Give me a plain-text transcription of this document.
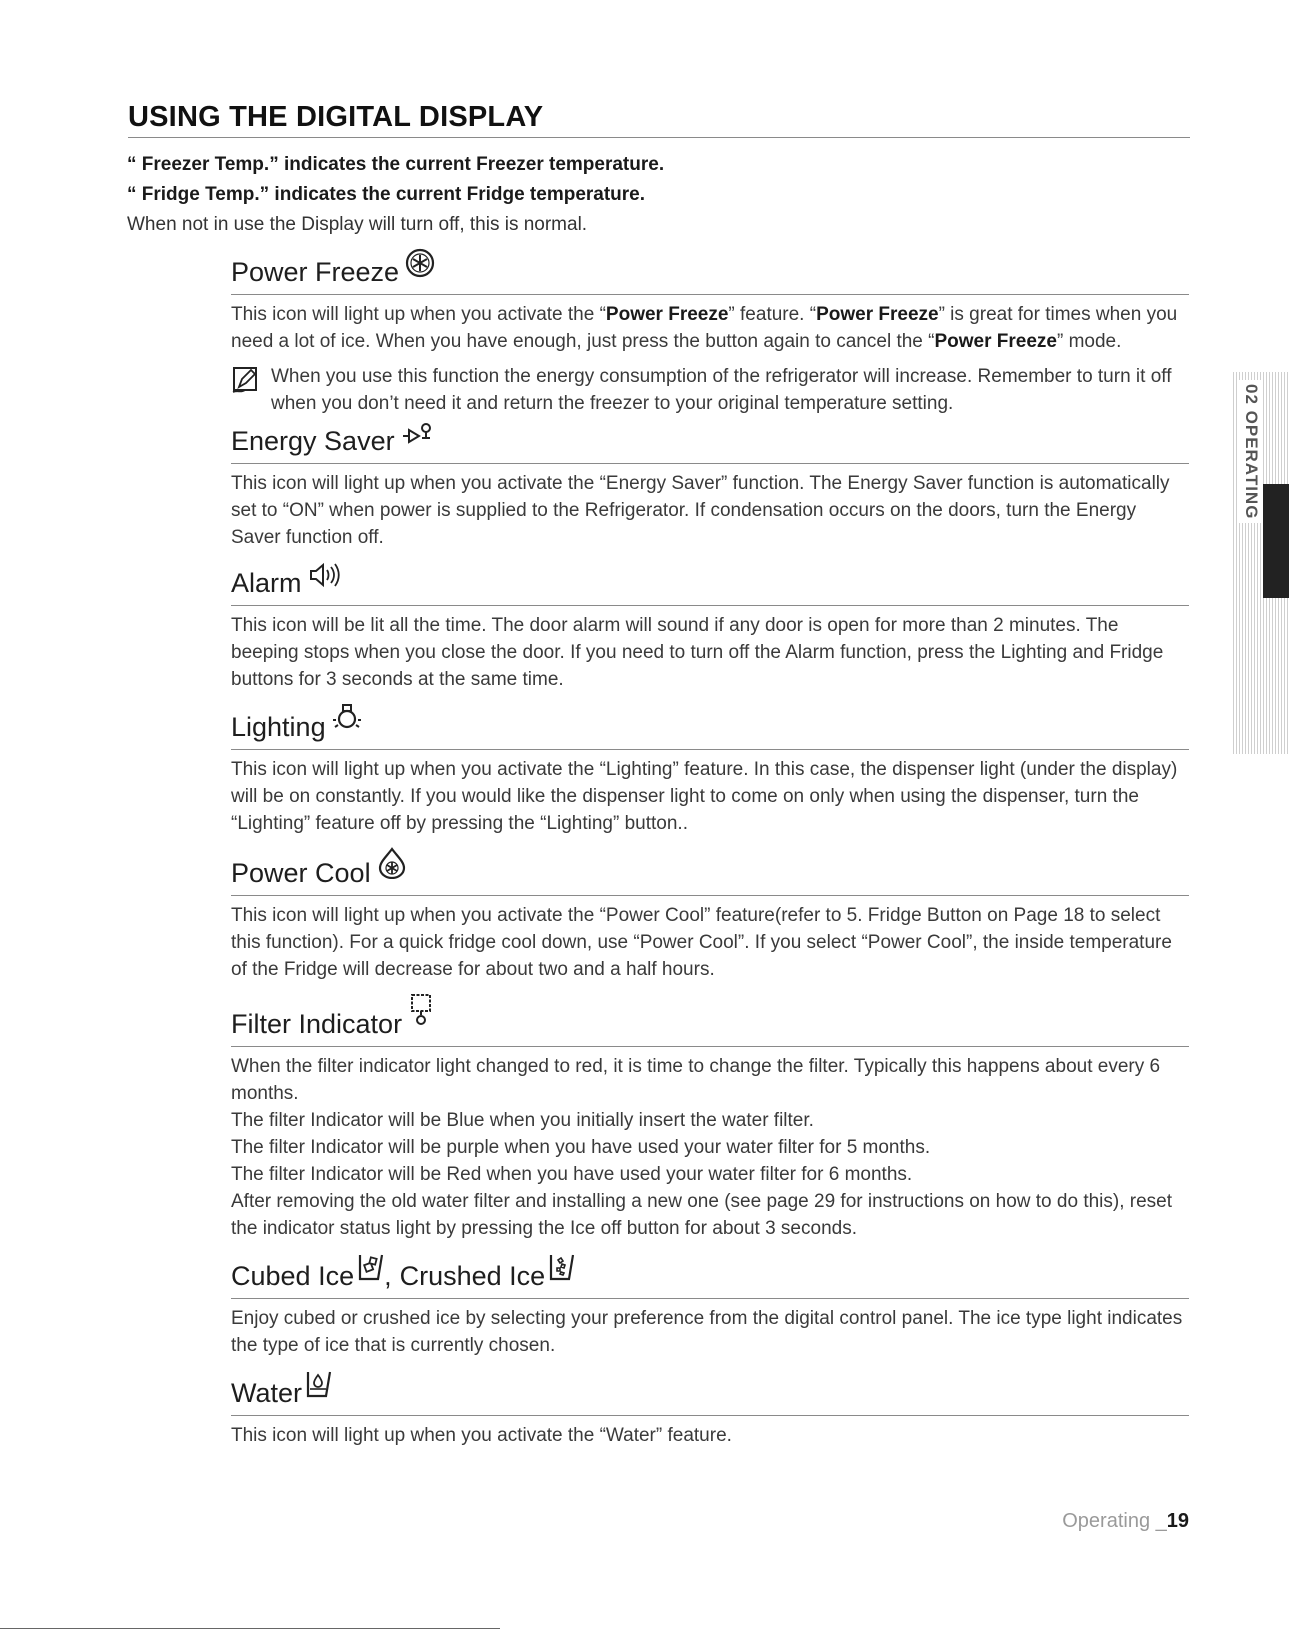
USING THE DIGITAL DISPLAY
“ Freezer Temp.” indicates the current Freezer temperature.
“ Fridge Temp.” indicates the current Fridge temperature.
When not in use the Display will turn off, this is normal.
Power Freeze

This icon will light up when you activate the “Power Freeze” feature. “Power Freeze” is great for times when you need a lot of ice. When you have enough, just press the button again to cancel the “Power Freeze” mode.

When you use this function the energy consumption of the refrigerator will increase. Remember to turn it off when you don’t need it and return the freezer to your original temperature setting.
Energy Saver

This icon will light up when you activate the “Energy Saver” function. The Energy Saver function is automatically set to “ON” when power is supplied to the Refrigerator. If condensation occurs on the doors, turn the Energy Saver function off.

Alarm

This icon will be lit all the time. The door alarm will sound if any door is open for more than 2 minutes. The beeping stops when you close the door. If you need to turn off the Alarm function, press the Lighting and Fridge buttons for 3 seconds at the same time.

Lighting

This icon will light up when you activate the “Lighting” feature. In this case, the dispenser light (under the display) will be on constantly. If you would like the dispenser light to come on only when using the dispenser, turn the “Lighting” feature off by pressing the “Lighting” button..

Power Cool

This icon will light up when you activate the “Power Cool” feature(refer to 5. Fridge Button on Page 18 to select this function). For a quick fridge cool down, use “Power Cool”. If you select “Power Cool”, the inside temperature of the Fridge will decrease for about two and a half hours.

Filter Indicator

When the filter indicator light changed to red, it is time to change the filter. Typically this happens about every 6 months.

The filter Indicator will be Blue when you initially insert the water filter.

The filter Indicator will be purple when you have used your water filter for 5 months.

The filter Indicator will be Red when you have used your water filter for 6 months.

After removing the old water filter and installing a new one (see page 29 for instructions on how to do this), reset the indicator status light by pressing the Ice off button for about 3 seconds.

Cubed Ice , Crushed Ice

Enjoy cubed or crushed ice by selecting your preference from the digital control panel. The ice type light indicates the type of ice that is currently chosen.

Water

This icon will light up when you activate the “Water” feature.

02 OPERATING
Operating _19
